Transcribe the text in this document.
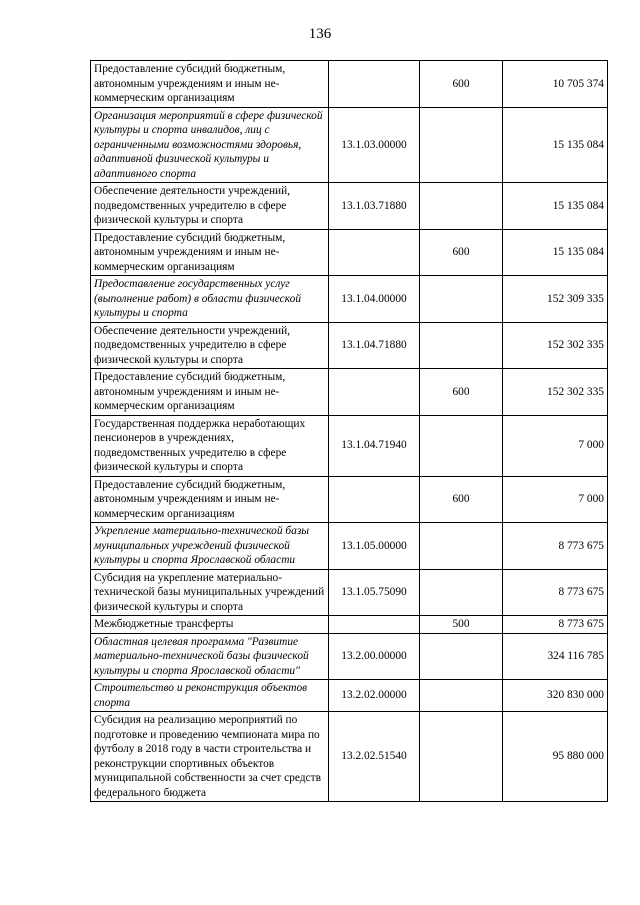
136
Предоставление субсидий бюджетным, автономным учреждениям и иным не-коммерческим организациям		600	10 705 374
Организация мероприятий в сфере физической культуры и спорта инвалидов, лиц с ограниченными возможностями здоровья, адаптивной физической культуры и адаптивного спорта	13.1.03.00000		15 135 084
Обеспечение деятельности учреждений, подведомственных учредителю в сфере физической культуры и спорта	13.1.03.71880		15 135 084
Предоставление субсидий бюджетным, автономным учреждениям и иным не-коммерческим организациям		600	15 135 084
Предоставление государственных услуг (выполнение работ) в области физической культуры и спорта	13.1.04.00000		152 309 335
Обеспечение деятельности учреждений, подведомственных учредителю в сфере физической культуры и спорта	13.1.04.71880		152 302 335
Предоставление субсидий бюджетным, автономным учреждениям и иным не-коммерческим организациям		600	152 302 335
Государственная поддержка неработающих пенсионеров в учреждениях, подведомственных учредителю в сфере физической культуры и спорта	13.1.04.71940		7 000
Предоставление субсидий бюджетным, автономным учреждениям и иным не-коммерческим организациям		600	7 000
Укрепление материально-технической базы муниципальных учреждений физической культуры и спорта Ярославской области	13.1.05.00000		8 773 675
Субсидия на укрепление материально-технической базы муниципальных учреждений физической культуры и спорта	13.1.05.75090		8 773 675
Межбюджетные трансферты		500	8 773 675
Областная целевая программа "Развитие материально-технической базы физической культуры и спорта Ярославской области"	13.2.00.00000		324 116 785
Строительство и реконструкция объектов спорта	13.2.02.00000		320 830 000
Субсидия на реализацию мероприятий по подготовке и проведению чемпионата мира по футболу в 2018 году в части строительства и реконструкции спортивных объектов муниципальной собственности за счет средств федерального бюджета	13.2.02.51540		95 880 000
